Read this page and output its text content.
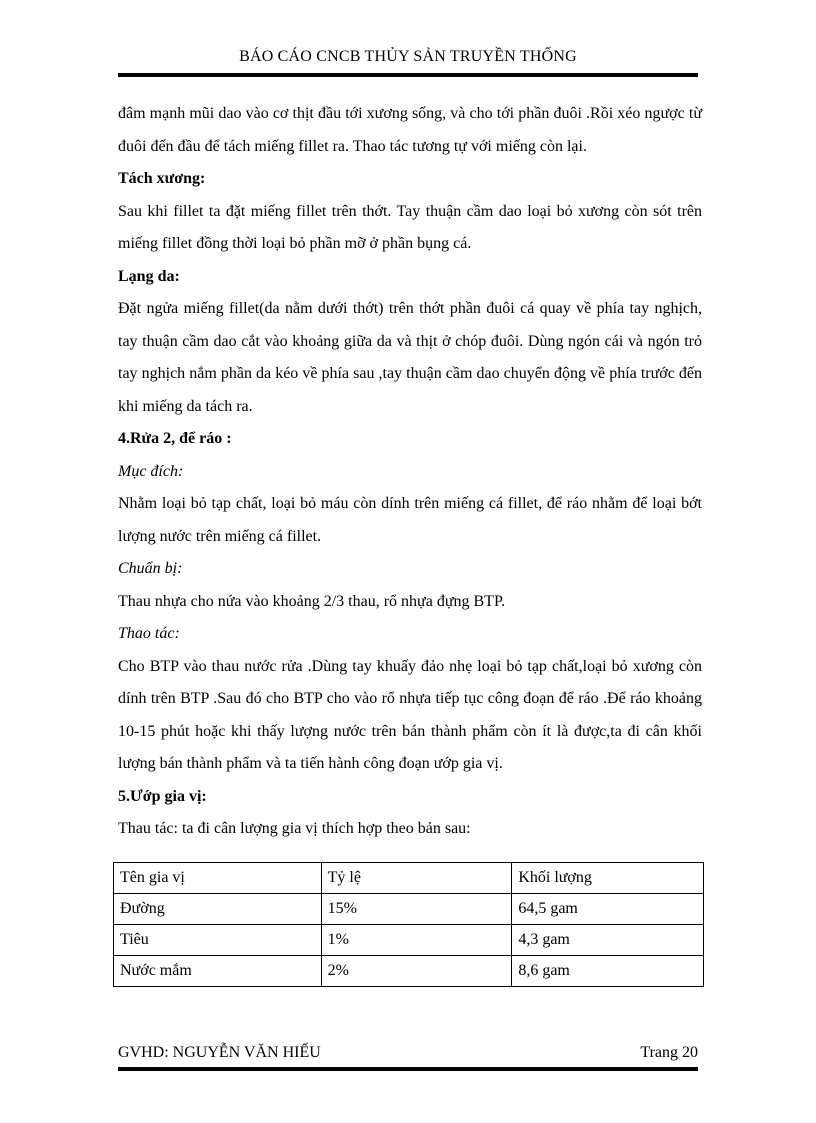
BÁO CÁO CNCB THỦY SẢN TRUYỀN THỐNG

đâm mạnh mũi dao vào cơ thịt đầu tới xương sống, và cho tới phần đuôi .Rồi xéo ngược từ đuôi đến đầu để tách miếng fillet ra. Thao tác tương tự với miếng còn lại.

Tách xương:

Sau khi fillet ta đặt miếng fillet trên thớt. Tay thuận cầm dao loại bỏ xương còn sót trên miếng fillet đồng thời loại bỏ phần mỡ ở phần bụng cá.

Lạng da:

Đặt ngửa miếng fillet(da nằm dưới thớt) trên thớt phần đuôi cá quay về phía tay nghịch, tay thuận cầm dao cắt vào khoảng giữa da và thịt ở chóp đuôi. Dùng ngón cái và ngón trỏ tay nghịch nắm phần da kéo về phía sau ,tay thuận cầm dao chuyển động về phía trước đến khi miếng da tách ra.

4.Rửa 2, để ráo :

Mục đích:

Nhằm loại bỏ tạp chất, loại bỏ máu còn dính trên miếng cá fillet, để ráo nhằm để loại bớt lượng nước trên miếng cá fillet.

Chuẩn bị:

Thau nhựa cho nứa vào khoảng 2/3 thau, rổ nhựa đựng BTP.

Thao tác:

Cho BTP vào thau nước rửa .Dùng tay khuấy đảo nhẹ loại bỏ tạp chất,loại bỏ xương còn dính trên BTP .Sau đó cho BTP cho vào rổ nhựa tiếp tục công đoạn để ráo .Để ráo khoảng 10-15 phút hoặc khi thấy lượng nước trên bán thành phẩm còn ít là được,ta đi cân khối lượng bán thành phẩm và ta tiến hành công đoạn ướp gia vị.

5.Ướp gia vị:

Thau tác: ta đi cân lượng gia vị thích hợp theo bản sau:

Tên gia vị	Tỷ lệ	Khối lượng
Đường	15%	64,5 gam
Tiêu	1%	4,3 gam
Nước mắm	2%	8,6 gam
GVHD: NGUYỄN VĂN HIẾU	Trang 20
